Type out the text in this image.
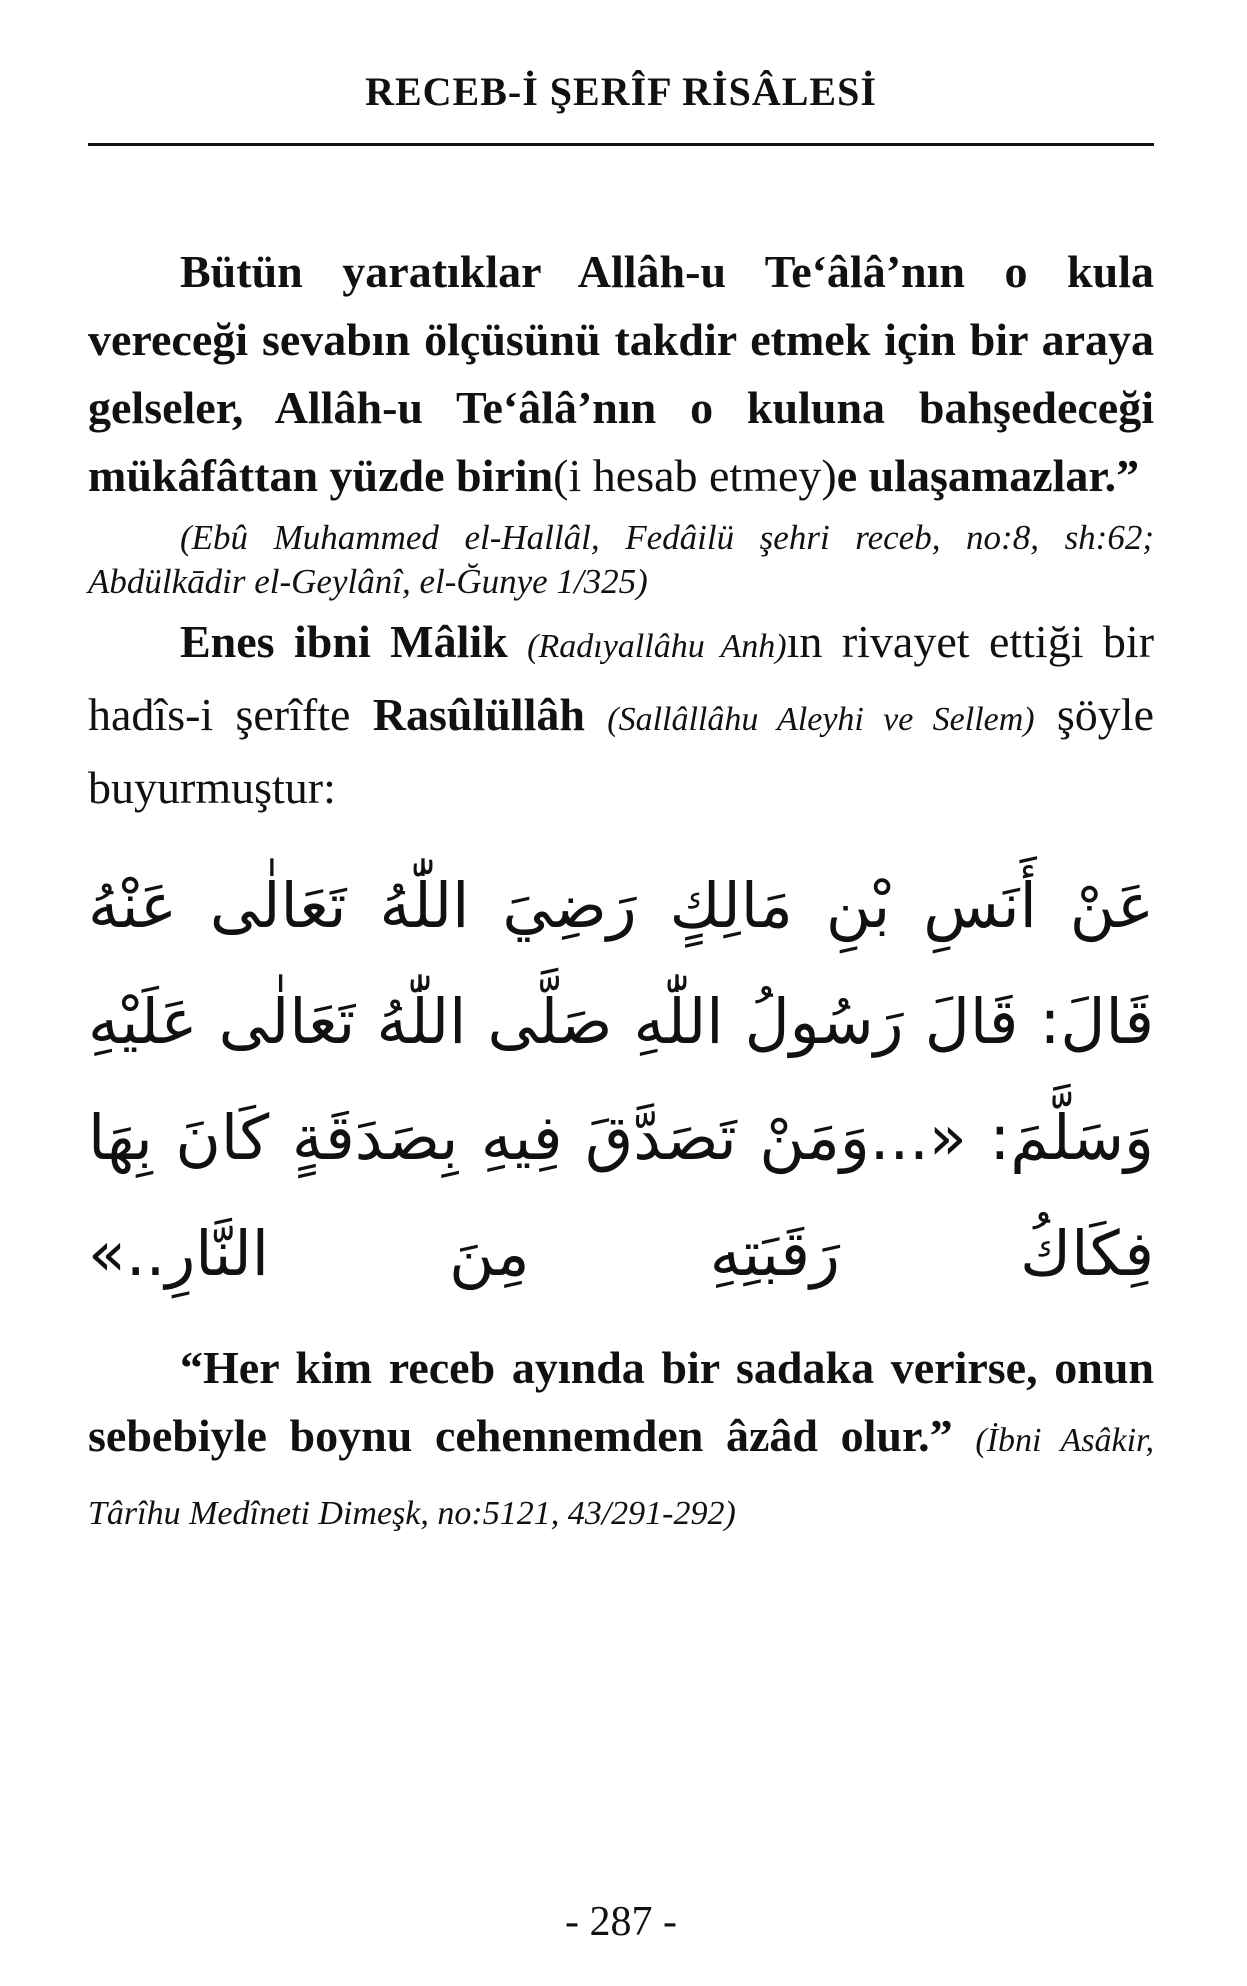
RECEB-İ ŞERÎF RİSÂLESİ

Bütün yaratıklar Allâh-u Te‘âlâ’nın o kula vereceği sevabın ölçüsünü takdir etmek için bir araya gelseler, Allâh-u Te‘âlâ’nın o kuluna bahşedeceği mükâfâttan yüzde birin(i hesab etmey)e ulaşamazlar.”

(Ebû Muhammed el-Hallâl, Fedâilü şehri receb, no:8, sh:62; Abdülkādir el-Geylânî, el-Ğunye 1/325)

Enes ibni Mâlik (Radıyallâhu Anh)ın rivayet ettiği bir hadîs-i şerîfte Rasûlüllâh (Sallâllâhu Aleyhi ve Sellem) şöyle buyurmuştur:

عَنْ أَنَسِ بْنِ مَالِكٍ رَضِيَ اللّٰهُ تَعَالٰى عَنْهُ قَالَ: قَالَ رَسُولُ اللّٰهِ صَلَّى اللّٰهُ تَعَالٰى عَلَيْهِ وَسَلَّمَ: «...وَمَنْ تَصَدَّقَ فِيهِ بِصَدَقَةٍ كَانَ بِهَا فِكَاكُ رَقَبَتِهِ مِنَ النَّارِ..»

“Her kim receb ayında bir sadaka verirse, onun sebebiyle boynu cehennemden âzâd olur.” (İbni Asâkir, Târîhu Medîneti Dimeşk, no:5121, 43/291-292)

- 287 -
